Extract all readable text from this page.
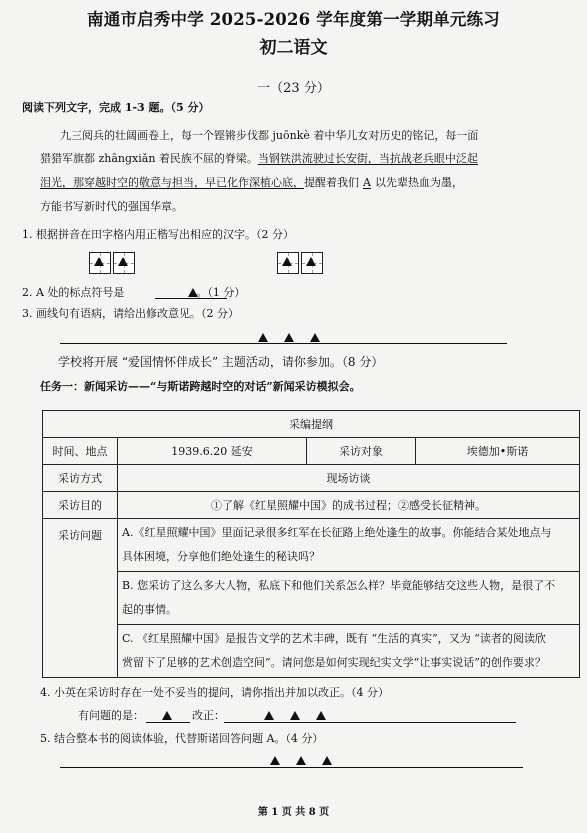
南通市启秀中学 2025-2026 学年度第一学期单元练习
初二语文
一（23 分）
阅读下列文字，完成 1-3 题。（5 分）
九三阅兵的壮阔画卷上，每一个铿锵步伐都 juōnkè 着中华儿女对历史的铭记，每一面
猎猎军旗都 zhāngxiǎn 着民族不屈的脊梁。当钢铁洪流驶过长安街，当抗战老兵眼中泛起
泪光，那穿越时空的敬意与担当，早已化作深植心底，提醒着我们 A 以先辈热血为墨，
方能书写新时代的强国华章。
1. 根据拼音在田字格内用正楷写出相应的汉字。（2 分）
2. A 处的标点符号是	。（1 分）
3. 画线句有语病，请给出修改意见。（2 分）
学校将开展 “爱国情怀伴成长” 主题活动，请你参加。（8 分）
任务一：新闻采访——“与斯诺跨越时空的对话”新闻采访模拟会。
采编提纲			
时间、地点	1939.6.20 延安	采访对象	埃德加•斯诺
采访方式	现场访谈		
采访目的	①了解《红星照耀中国》的成书过程；②感受长征精神。		
采访问题	A.《红星照耀中国》里面记录很多红军在长征路上绝处逢生的故事。你能结合某处地点与
具体困境，分享他们绝处逢生的秘诀吗？		

	B. 您采访了这么多大人物，私底下和他们关系怎么样？毕竟能够结交这些人物，是很了不
起的事情。		

	C. 《红星照耀中国》是报告文学的艺术丰碑，既有 “生活的真实”，又为 “读者的阅读欣
赏留下了足够的艺术创造空间”。请问您是如何实现纪实文学“让事实说话”的创作要求？		
4. 小英在采访时存在一处不妥当的提问，请你指出并加以改正。（4 分）
有问题的是：	改正：
5. 结合整本书的阅读体验，代替斯诺回答问题 A。（4 分）
第 1 页 共 8 页
